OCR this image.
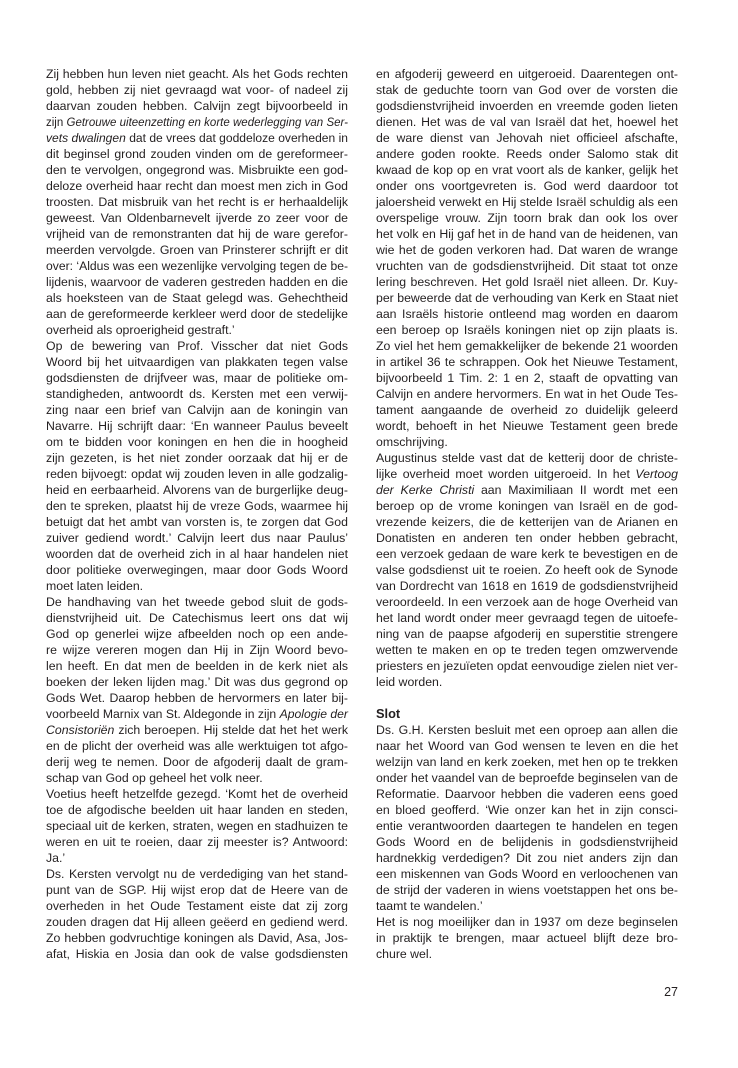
Zij hebben hun leven niet geacht. Als het Gods rechten
gold, hebben zij niet gevraagd wat voor- of nadeel zij
daarvan zouden hebben. Calvijn zegt bijvoorbeeld in
zijn Getrouwe uiteenzetting en korte wederlegging van Ser-
vets dwalingen dat de vrees dat goddeloze overheden in
dit beginsel grond zouden vinden om de gereformeer-
den te vervolgen, ongegrond was. Misbruikte een god-
deloze overheid haar recht dan moest men zich in God
troosten. Dat misbruik van het recht is er herhaaldelijk
geweest. Van Oldenbarnevelt ijverde zo zeer voor de
vrijheid van de remonstranten dat hij de ware gerefor-
meerden vervolgde. Groen van Prinsterer schrijft er dit
over: ‘Aldus was een wezenlijke vervolging tegen de be-
lijdenis, waarvoor de vaderen gestreden hadden en die
als hoeksteen van de Staat gelegd was. Gehechtheid
aan de gereformeerde kerkleer werd door de stedelijke
overheid als oproerigheid gestraft.’
Op de bewering van Prof. Visscher dat niet Gods
Woord bij het uitvaardigen van plakkaten tegen valse
godsdiensten de drijfveer was, maar de politieke om-
standigheden, antwoordt ds. Kersten met een verwij-
zing naar een brief van Calvijn aan de koningin van
Navarre. Hij schrijft daar: ‘En wanneer Paulus beveelt
om te bidden voor koningen en hen die in hoogheid
zijn gezeten, is het niet zonder oorzaak dat hij er de
reden bijvoegt: opdat wij zouden leven in alle godzalig-
heid en eerbaarheid. Alvorens van de burgerlijke deug-
den te spreken, plaatst hij de vreze Gods, waarmee hij
betuigt dat het ambt van vorsten is, te zorgen dat God
zuiver gediend wordt.’ Calvijn leert dus naar Paulus’
woorden dat de overheid zich in al haar handelen niet
door politieke overwegingen, maar door Gods Woord
moet laten leiden.
De handhaving van het tweede gebod sluit de gods-
dienstvrijheid uit. De Catechismus leert ons dat wij
God op generlei wijze afbeelden noch op een ande-
re wijze vereren mogen dan Hij in Zijn Woord bevo-
len heeft. En dat men de beelden in de kerk niet als
boeken der leken lijden mag.’ Dit was dus gegrond op
Gods Wet. Daarop hebben de hervormers en later bij-
voorbeeld Marnix van St. Aldegonde in zijn Apologie der
Consistoriën zich beroepen. Hij stelde dat het het werk
en de plicht der overheid was alle werktuigen tot afgo-
derij weg te nemen. Door de afgoderij daalt de gram-
schap van God op geheel het volk neer.
Voetius heeft hetzelfde gezegd. ‘Komt het de overheid
toe de afgodische beelden uit haar landen en steden,
speciaal uit de kerken, straten, wegen en stadhuizen te
weren en uit te roeien, daar zij meester is? Antwoord:
Ja.’
Ds. Kersten vervolgt nu de verdediging van het stand-
punt van de SGP. Hij wijst erop dat de Heere van de
overheden in het Oude Testament eiste dat zij zorg
zouden dragen dat Hij alleen geëerd en gediend werd.
Zo hebben godvruchtige koningen als David, Asa, Jos-
afat, Hiskia en Josia dan ook de valse godsdiensten
en afgoderij geweerd en uitgeroeid. Daarentegen ont-
stak de geduchte toorn van God over de vorsten die
godsdienstvrijheid invoerden en vreemde goden lieten
dienen. Het was de val van Israël dat het, hoewel het
de ware dienst van Jehovah niet officieel afschafte,
andere goden rookte. Reeds onder Salomo stak dit
kwaad de kop op en vrat voort als de kanker, gelijk het
onder ons voortgevreten is. God werd daardoor tot
jaloersheid verwekt en Hij stelde Israël schuldig als een
overspelige vrouw. Zijn toorn brak dan ook los over
het volk en Hij gaf het in de hand van de heidenen, van
wie het de goden verkoren had. Dat waren de wrange
vruchten van de godsdienstvrijheid. Dit staat tot onze
lering beschreven. Het gold Israël niet alleen. Dr. Kuy-
per beweerde dat de verhouding van Kerk en Staat niet
aan Israëls historie ontleend mag worden en daarom
een beroep op Israëls koningen niet op zijn plaats is.
Zo viel het hem gemakkelijker de bekende 21 woorden
in artikel 36 te schrappen. Ook het Nieuwe Testament,
bijvoorbeeld 1 Tim. 2: 1 en 2, staaft de opvatting van
Calvijn en andere hervormers. En wat in het Oude Tes-
tament aangaande de overheid zo duidelijk geleerd
wordt, behoeft in het Nieuwe Testament geen brede
omschrijving.
Augustinus stelde vast dat de ketterij door de christe-
lijke overheid moet worden uitgeroeid. In het Vertoog
der Kerke Christi aan Maximiliaan II wordt met een
beroep op de vrome koningen van Israël en de god-
vrezende keizers, die de ketterijen van de Arianen en
Donatisten en anderen ten onder hebben gebracht,
een verzoek gedaan de ware kerk te bevestigen en de
valse godsdienst uit te roeien. Zo heeft ook de Synode
van Dordrecht van 1618 en 1619 de godsdienstvrijheid
veroordeeld. In een verzoek aan de hoge Overheid van
het land wordt onder meer gevraagd tegen de uitoefe-
ning van de paapse afgoderij en superstitie strengere
wetten te maken en op te treden tegen omzwervende
priesters en jezuïeten opdat eenvoudige zielen niet ver-
leid worden.
Slot
Ds. G.H. Kersten besluit met een oproep aan allen die
naar het Woord van God wensen te leven en die het
welzijn van land en kerk zoeken, met hen op te trekken
onder het vaandel van de beproefde beginselen van de
Reformatie. Daarvoor hebben die vaderen eens goed
en bloed geofferd. ‘Wie onzer kan het in zijn consci-
entie verantwoorden daartegen te handelen en tegen
Gods Woord en de belijdenis in godsdienstvrijheid
hardnekkig verdedigen? Dit zou niet anders zijn dan
een miskennen van Gods Woord en verloochenen van
de strijd der vaderen in wiens voetstappen het ons be-
taamt te wandelen.’
Het is nog moeilijker dan in 1937 om deze beginselen
in praktijk te brengen, maar actueel blijft deze bro-
chure wel.
27
